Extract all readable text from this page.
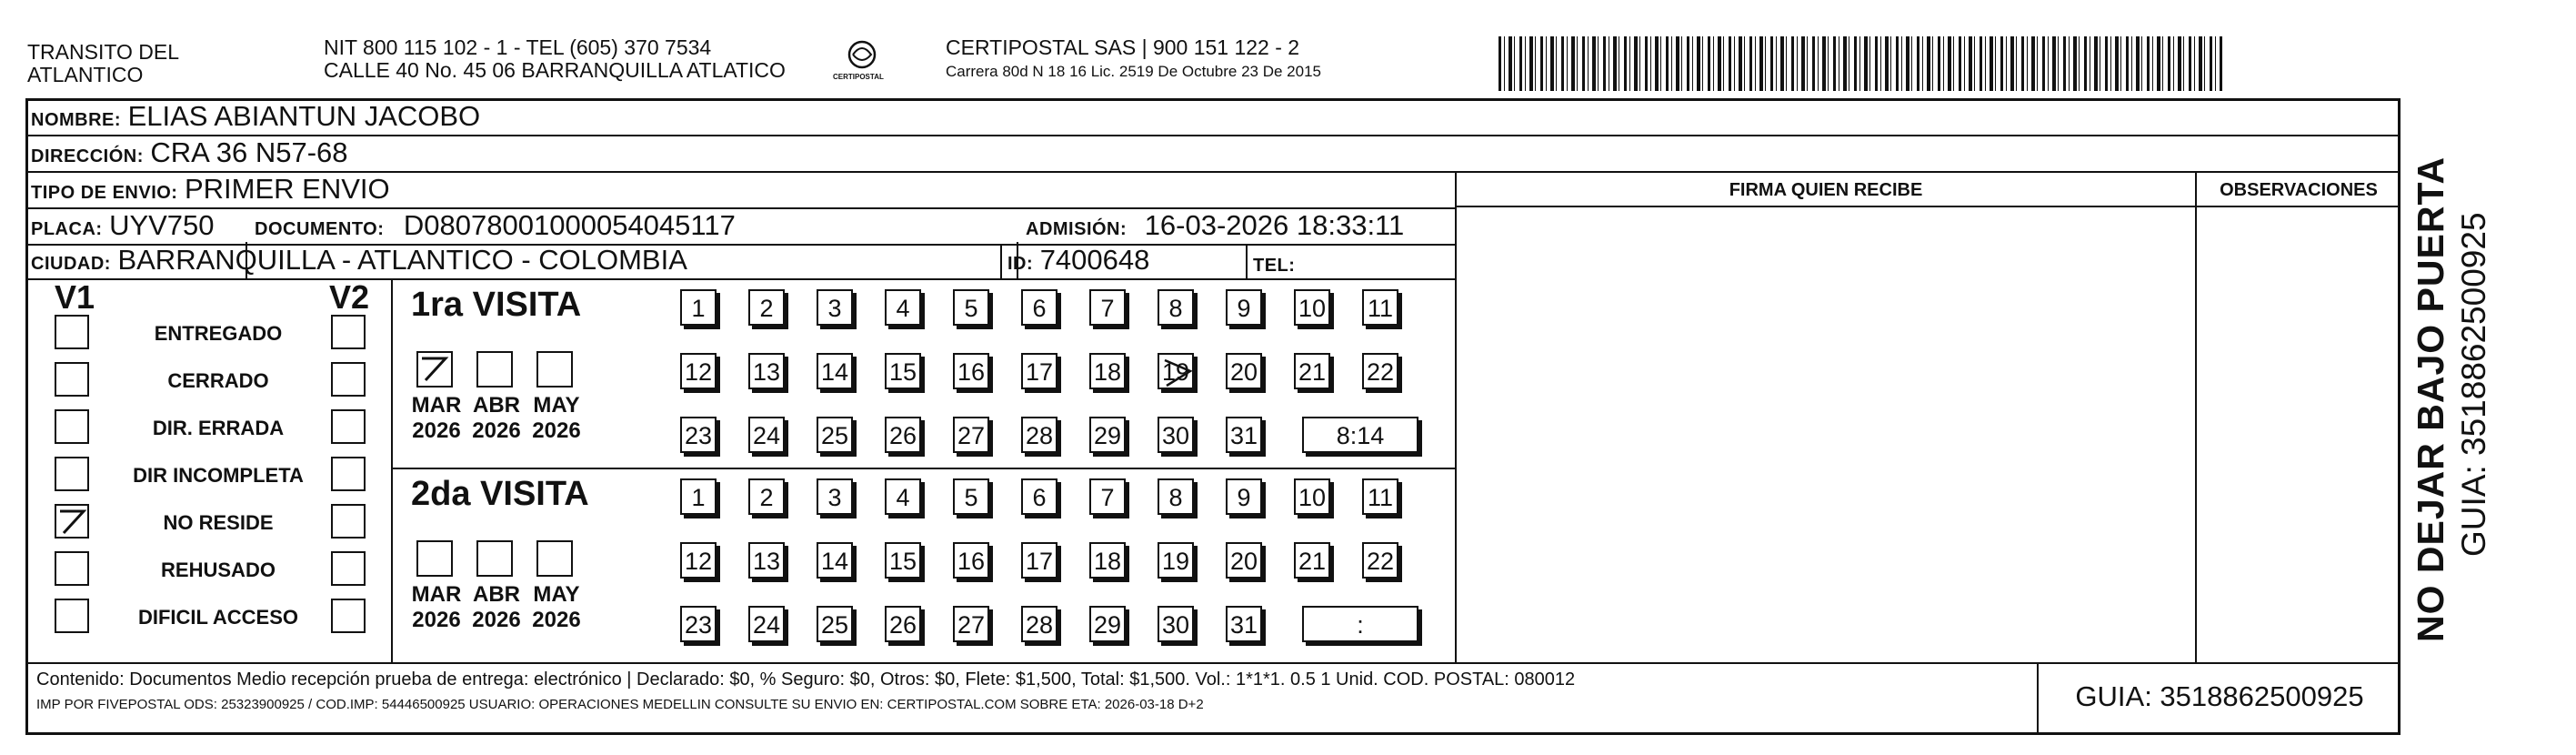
TRANSITO DEL
ATLANTICO
NIT 800 115 102 - 1 - TEL (605) 370 7534
CALLE 40 No. 45 06 BARRANQUILLA ATLATICO	CERTIPOSTAL
CERTIPOSTAL SAS | 900 151 122 - 2
Carrera 80d N 18 16 Lic. 2519 De Octubre 23 De 2015
NOMBRE: ELIAS ABIANTUN JACOBO
DIRECCIÓN: CRA 36 N57-68
TIPO DE ENVIO: PRIMER ENVIO
PLACA: UYV750 DOCUMENTO: D08078001000054045117	ADMISIÓN: 16-03-2026 18:33:11
CIUDAD: BARRANQUILLA - ATLANTICO - COLOMBIA	ID: 7400648	TEL:
FIRMA QUIEN RECIBE	OBSERVACIONES
V1	V2
ENTREGADO
CERRADO
DIR. ERRADA
DIR INCOMPLETA
NO RESIDE
REHUSADO
DIFICIL ACCESO
1ra VISITA
MAR
2026
ABR
2026
MAY
2026
1	2	3	4	5	6	7	8	9	10 11
12 13 14 15 16 17 18 19 20 21 22
23 24 25 26 27 28 29 30 31	8:14
2da VISITA
MAR
2026
ABR
2026
MAY
2026
1	2	3	4	5	6	7	8	9	10 11
12 13 14 15 16 17 18 19 20 21 22
23 24 25 26 27 28 29 30 31	:
Contenido: Documentos Medio recepción prueba de entrega: electrónico | Declarado: $0, % Seguro: $0, Otros: $0, Flete: $1,500, Total: $1,500. Vol.: 1*1*1. 0.5 1 Unid. COD. POSTAL: 080012
IMP POR FIVEPOSTAL ODS: 25323900925 / COD.IMP: 54446500925 USUARIO: OPERACIONES MEDELLIN CONSULTE SU ENVIO EN: CERTIPOSTAL.COM SOBRE ETA: 2026-03-18 D+2	GUIA: 3518862500925
NO DEJAR BAJO PUERTA GUIA: 3518862500925
